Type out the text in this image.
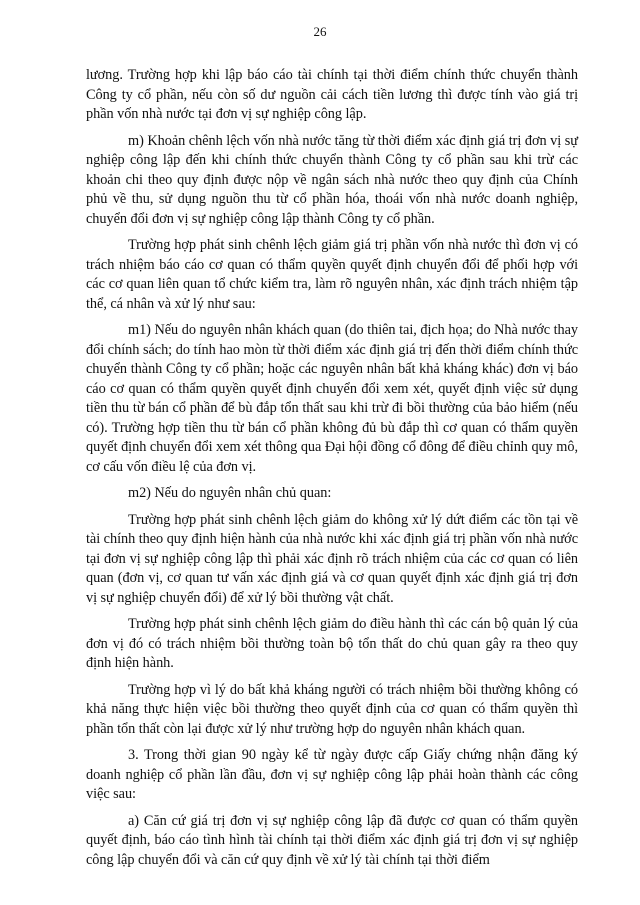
26

lương. Trường hợp khi lập báo cáo tài chính tại thời điểm chính thức chuyển thành Công ty cổ phần, nếu còn số dư nguồn cải cách tiền lương thì được tính vào giá trị phần vốn nhà nước tại đơn vị sự nghiệp công lập.

m) Khoản chênh lệch vốn nhà nước tăng từ thời điểm xác định giá trị đơn vị sự nghiệp công lập đến khi chính thức chuyển thành Công ty cổ phần sau khi trừ các khoản chi theo quy định được nộp về ngân sách nhà nước theo quy định của Chính phủ về thu, sử dụng nguồn thu từ cổ phần hóa, thoái vốn nhà nước doanh nghiệp, chuyển đổi đơn vị sự nghiệp công lập thành Công ty cổ phần.

Trường hợp phát sinh chênh lệch giảm giá trị phần vốn nhà nước thì đơn vị có trách nhiệm báo cáo cơ quan có thẩm quyền quyết định chuyển đổi để phối hợp với các cơ quan liên quan tổ chức kiểm tra, làm rõ nguyên nhân, xác định trách nhiệm tập thể, cá nhân và xử lý như sau:

m1) Nếu do nguyên nhân khách quan (do thiên tai, địch họa; do Nhà nước thay đổi chính sách; do tính hao mòn từ thời điểm xác định giá trị đến thời điểm chính thức chuyển thành Công ty cổ phần; hoặc các nguyên nhân bất khả kháng khác) đơn vị báo cáo cơ quan có thẩm quyền quyết định chuyển đổi xem xét, quyết định việc sử dụng tiền thu từ bán cổ phần để bù đắp tổn thất sau khi trừ đi bồi thường của bảo hiểm (nếu có). Trường hợp tiền thu từ bán cổ phần không đủ bù đắp thì cơ quan có thẩm quyền quyết định chuyển đổi xem xét thông qua Đại hội đồng cổ đông để điều chỉnh quy mô, cơ cấu vốn điều lệ của đơn vị.

m2) Nếu do nguyên nhân chủ quan:

Trường hợp phát sinh chênh lệch giảm do không xử lý dứt điểm các tồn tại về tài chính theo quy định hiện hành của nhà nước khi xác định giá trị phần vốn nhà nước tại đơn vị sự nghiệp công lập thì phải xác định rõ trách nhiệm của các cơ quan có liên quan (đơn vị, cơ quan tư vấn xác định giá và cơ quan quyết định xác định giá trị đơn vị sự nghiệp chuyển đổi) để xử lý bồi thường vật chất.

Trường hợp phát sinh chênh lệch giảm do điều hành thì các cán bộ quản lý của đơn vị đó có trách nhiệm bồi thường toàn bộ tổn thất do chủ quan gây ra theo quy định hiện hành.

Trường hợp vì lý do bất khả kháng người có trách nhiệm bồi thường không có khả năng thực hiện việc bồi thường theo quyết định của cơ quan có thẩm quyền thì phần tổn thất còn lại được xử lý như trường hợp do nguyên nhân khách quan.

3. Trong thời gian 90 ngày kể từ ngày được cấp Giấy chứng nhận đăng ký doanh nghiệp cổ phần lần đầu, đơn vị sự nghiệp công lập phải hoàn thành các công việc sau:

a) Căn cứ giá trị đơn vị sự nghiệp công lập đã được cơ quan có thẩm quyền quyết định, báo cáo tình hình tài chính tại thời điểm xác định giá trị đơn vị sự nghiệp công lập chuyển đổi và căn cứ quy định về xử lý tài chính tại thời điểm
